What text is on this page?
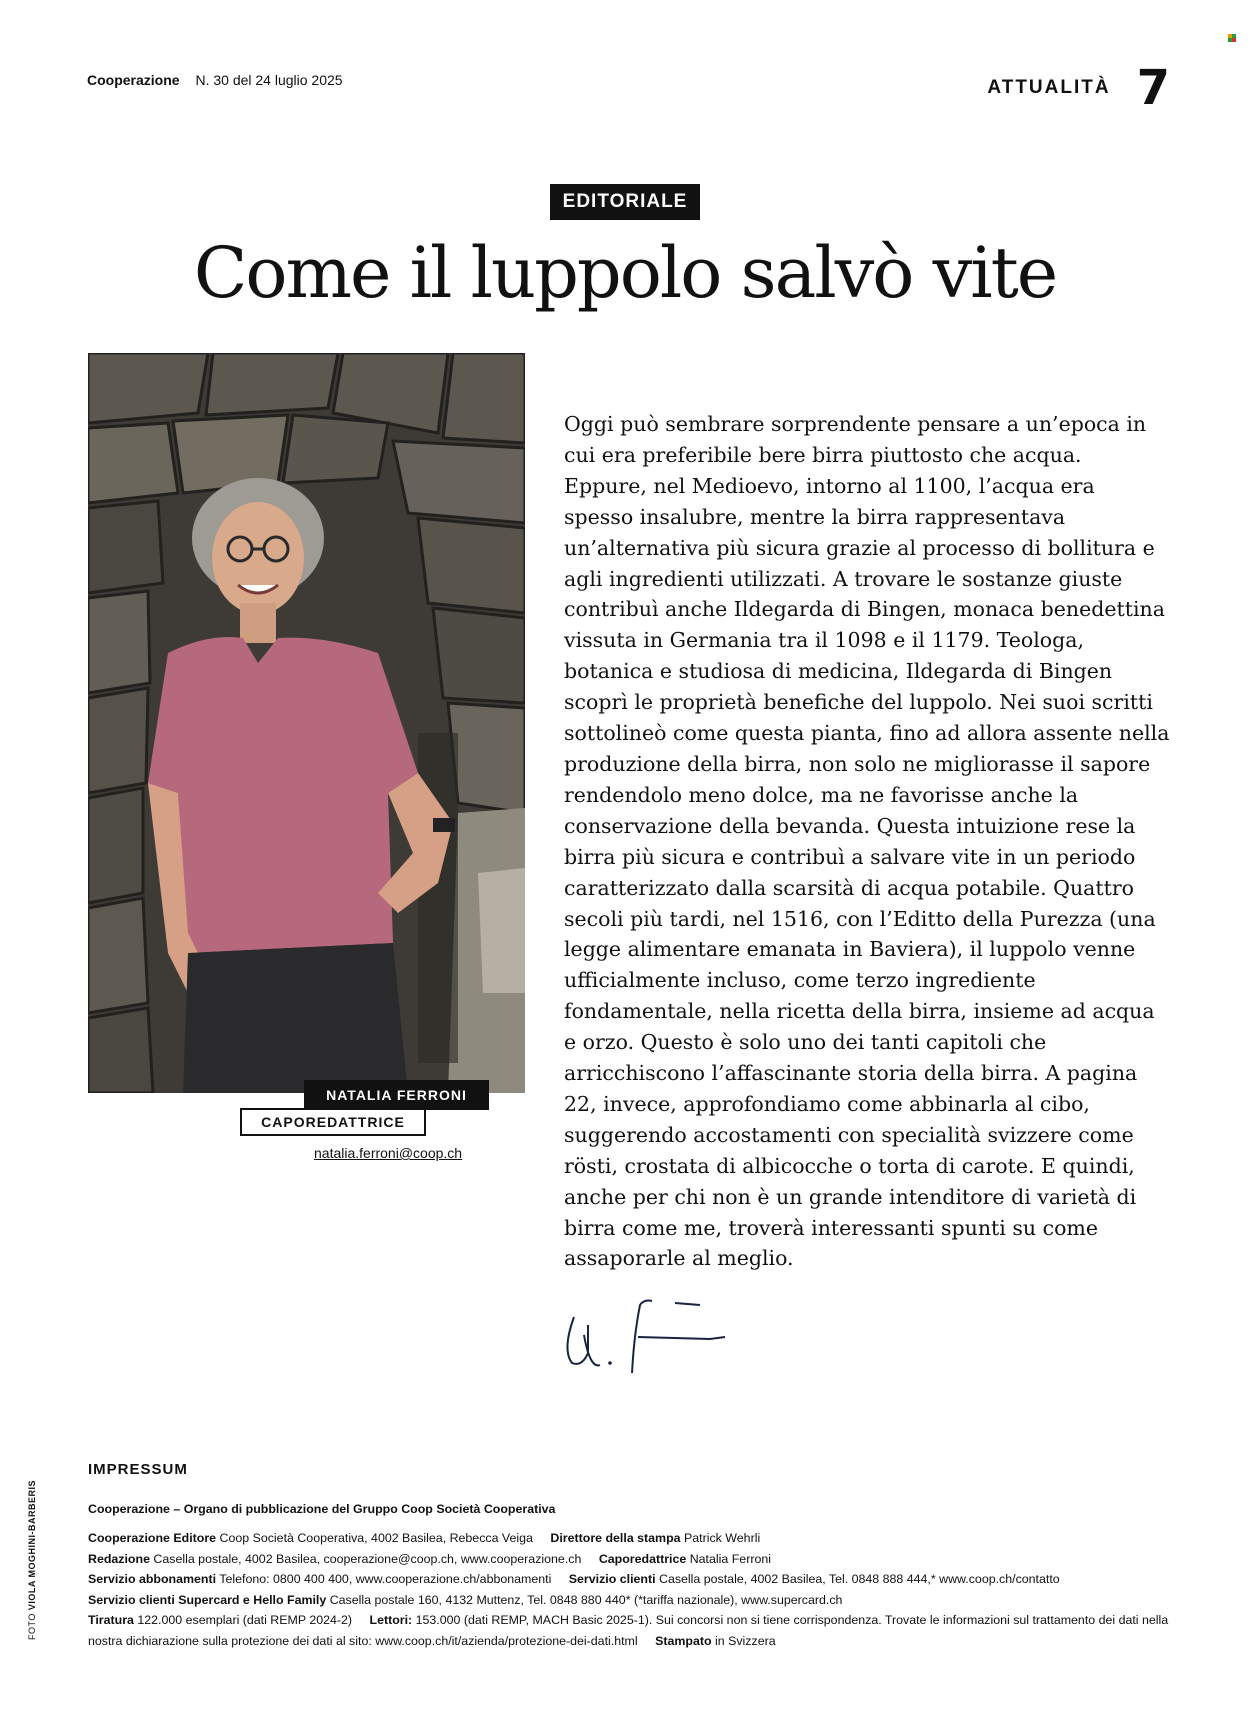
Cooperazione N. 30 del 24 luglio 2025	ATTUALITÀ 7
EDITORIALE
Come il luppolo salvò vite
NATALIA FERRONI
CAPOREDATTRICE
natalia.ferroni@coop.ch

Oggi può sembrare sorprendente pensare a un’epoca in cui era preferibile bere birra piuttosto che acqua. Eppure, nel Medioevo, intorno al 1100, l’acqua era spesso insalubre, mentre la birra rappresentava un’alternativa più sicura grazie al processo di bollitura e agli ingredienti utilizzati. A trovare le sostanze giuste contribuì anche Ildegarda di Bingen, monaca benedettina vissuta in Germania tra il 1098 e il 1179. Teologa, botanica e studiosa di medicina, Ildegarda di Bingen scoprì le proprietà benefiche del luppolo. Nei suoi scritti sottolineò come questa pianta, fino ad allora assente nella produzione della birra, non solo ne migliorasse il sapore rendendolo meno dolce, ma ne favorisse anche la conservazione della bevanda. Questa intuizione rese la birra più sicura e contribuì a salvare vite in un periodo caratterizzato dalla scarsità di acqua potabile. Quattro secoli più tardi, nel 1516, con l’Editto della Purezza (una legge alimentare emanata in Baviera), il luppolo venne ufficialmente incluso, come terzo ingrediente fondamentale, nella ricetta della birra, insieme ad acqua e orzo. Questo è solo uno dei tanti capitoli che arricchiscono l’affascinante storia della birra. A pagina 22, invece, approfondiamo come abbinarla al cibo, suggerendo accostamenti con specialità svizzere come rösti, crostata di albicocche o torta di carote. E quindi, anche per chi non è un grande intenditore di varietà di birra come me, troverà interessanti spunti su come assaporarle al meglio.

IMPRESSUM
Cooperazione – Organo di pubblicazione del Gruppo Coop Società Cooperativa
Cooperazione Editore Coop Società Cooperativa, 4002 Basilea, Rebecca Veiga Direttore della stampa Patrick Wehrli
Redazione Casella postale, 4002 Basilea, cooperazione@coop.ch, www.cooperazione.ch Caporedattrice Natalia Ferroni
Servizio abbonamenti Telefono: 0800 400 400, www.cooperazione.ch/abbonamenti Servizio clienti Casella postale, 4002 Basilea, Tel. 0848 888 444,* www.coop.ch/contatto
Servizio clienti Supercard e Hello Family Casella postale 160, 4132 Muttenz, Tel. 0848 880 440* (*tariffa nazionale), www.supercard.ch
Tiratura 122.000 esemplari (dati REMP 2024-2) Lettori: 153.000 (dati REMP, MACH Basic 2025-1). Sui concorsi non si tiene corrispondenza. Trovate le informazioni sul trattamento dei dati nella nostra dichiarazione sulla protezione dei dati al sito: www.coop.ch/it/azienda/protezione-dei-dati.html Stampato in Svizzera
FOTO VIOLA MOGHINI-BARBERIS
